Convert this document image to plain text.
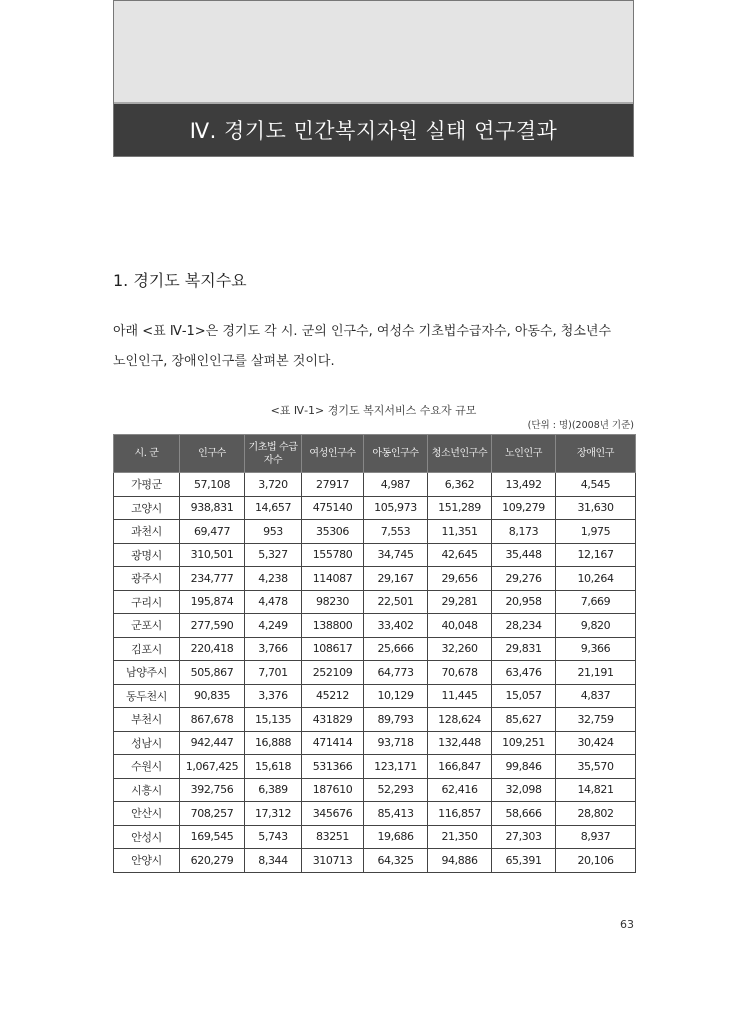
Ⅳ. 경기도 민간복지자원 실태 연구결과
1. 경기도 복지수요

아래 <표 Ⅳ-1>은 경기도 각 시. 군의 인구수, 여성수 기초법수급자수, 아동수, 청소년수

노인인구, 장애인인구를 살펴본 것이다.

<표 Ⅳ-1> 경기도 복지서비스 수요자 규모
(단위 : 명)(2008년 기준)
시. 군	인구수	기초법 수급자수	여성인구수	아동인구수	청소년인구수	노인인구	장애인구
가평군	57,108	3,720	27917	4,987	6,362	13,492	4,545
고양시	938,831	14,657	475140	105,973	151,289	109,279	31,630
과천시	69,477	953	35306	7,553	11,351	8,173	1,975
광명시	310,501	5,327	155780	34,745	42,645	35,448	12,167
광주시	234,777	4,238	114087	29,167	29,656	29,276	10,264
구리시	195,874	4,478	98230	22,501	29,281	20,958	7,669
군포시	277,590	4,249	138800	33,402	40,048	28,234	9,820
김포시	220,418	3,766	108617	25,666	32,260	29,831	9,366
남양주시	505,867	7,701	252109	64,773	70,678	63,476	21,191
동두천시	90,835	3,376	45212	10,129	11,445	15,057	4,837
부천시	867,678	15,135	431829	89,793	128,624	85,627	32,759
성남시	942,447	16,888	471414	93,718	132,448	109,251	30,424
수원시	1,067,425	15,618	531366	123,171	166,847	99,846	35,570
시흥시	392,756	6,389	187610	52,293	62,416	32,098	14,821
안산시	708,257	17,312	345676	85,413	116,857	58,666	28,802
안성시	169,545	5,743	83251	19,686	21,350	27,303	8,937
안양시	620,279	8,344	310713	64,325	94,886	65,391	20,106
63
